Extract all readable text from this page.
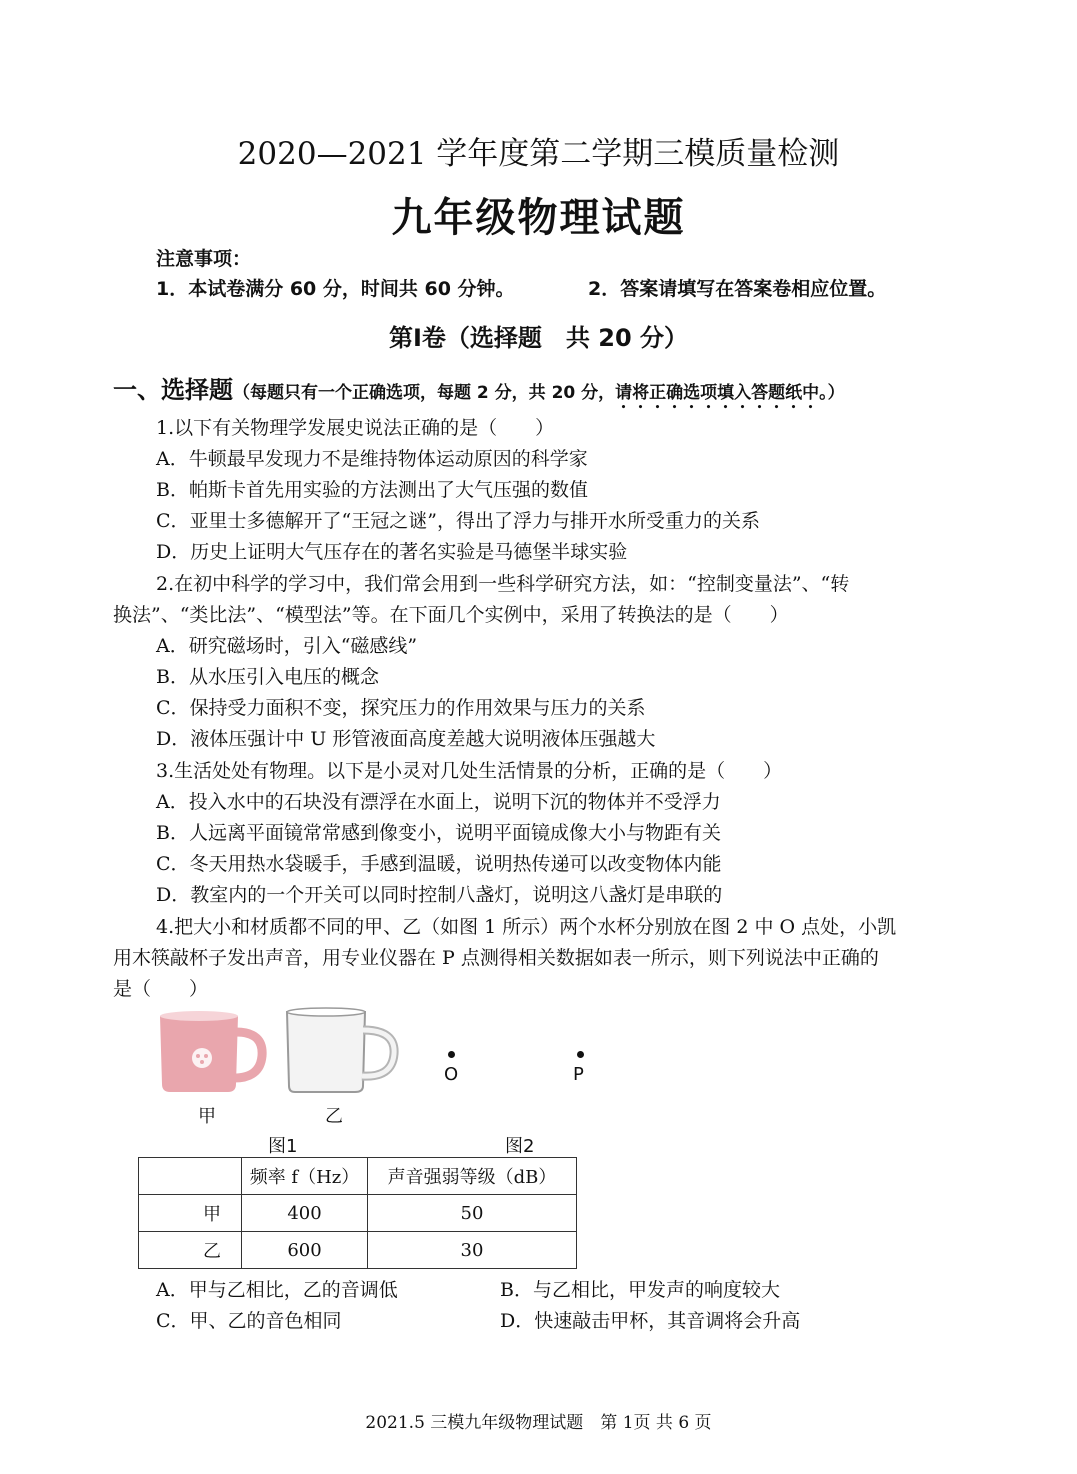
2020—2021 学年度第二学期三模质量检测
九年级物理试题
注意事项：
1．本试卷满分 60 分，时间共 60 分钟。	2．答案请填写在答案卷相应位置。
第Ⅰ卷（选择题　共 20 分）
一、选择题（每题只有一个正确选项，每题 2 分，共 20 分，请将正确选项填入答题纸中。）
1.以下有关物理学发展史说法正确的是（　　）
A．牛顿最早发现力不是维持物体运动原因的科学家
B．帕斯卡首先用实验的方法测出了大气压强的数值
C．亚里士多德解开了“王冠之谜”，得出了浮力与排开水所受重力的关系
D．历史上证明大气压存在的著名实验是马德堡半球实验
2.在初中科学的学习中，我们常会用到一些科学研究方法，如：“控制变量法”、“转
换法”、“类比法”、“模型法”等。在下面几个实例中，采用了转换法的是（　　）
A．研究磁场时，引入“磁感线”
B．从水压引入电压的概念
C．保持受力面积不变，探究压力的作用效果与压力的关系
D．液体压强计中 U 形管液面高度差越大说明液体压强越大
3.生活处处有物理。以下是小灵对几处生活情景的分析，正确的是（　　）
A．投入水中的石块没有漂浮在水面上，说明下沉的物体并不受浮力
B．人远离平面镜常常感到像变小，说明平面镜成像大小与物距有关
C．冬天用热水袋暖手，手感到温暖，说明热传递可以改变物体内能
D．教室内的一个开关可以同时控制八盏灯，说明这八盏灯是串联的
4.把大小和材质都不同的甲、乙（如图 1 所示）两个水杯分别放在图 2 中 O 点处，小凯
用木筷敲杯子发出声音，用专业仪器在 P 点测得相关数据如表一所示，则下列说法中正确的
是（　　）
O	P
甲	乙
图1	图2
	频率 f（Hz）	声音强弱等级（dB）
甲	400	50
乙	600	30
A．甲与乙相比，乙的音调低	B．与乙相比，甲发声的响度较大
C．甲、乙的音色相同	D．快速敲击甲杯，其音调将会升高
2021.5 三模九年级物理试题　第 1页 共 6 页
